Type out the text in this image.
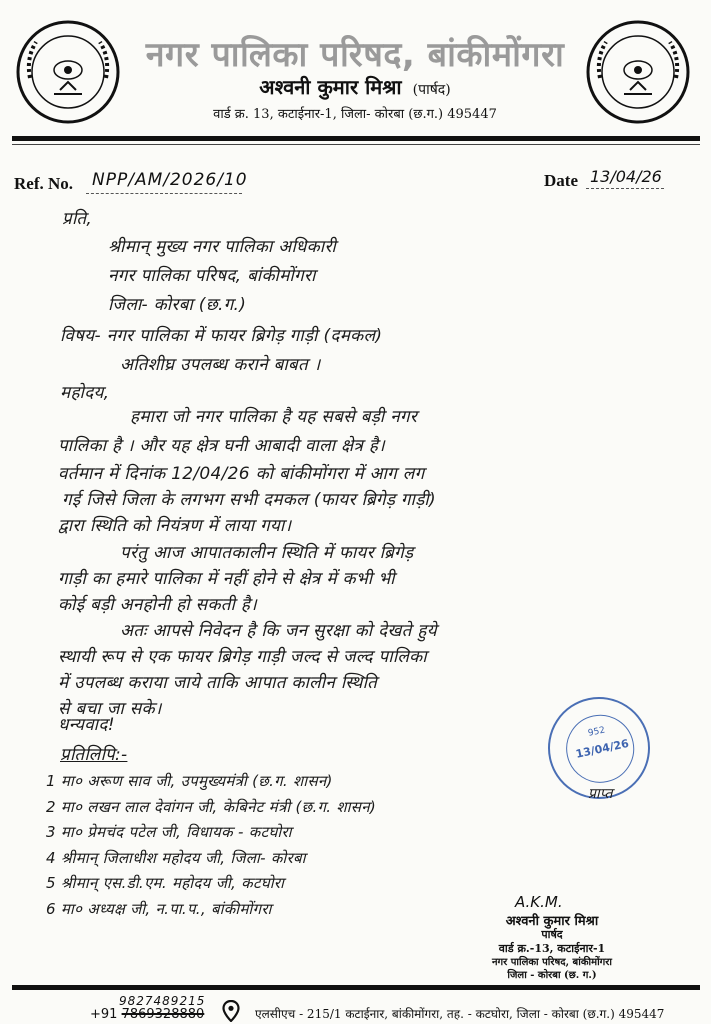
नगर पालिका परिषद, बांकीमोंगरा
अश्वनी कुमार मिश्रा (पार्षद)
वार्ड क्र. 13, कटाईनार-1, जिला- कोरबा (छ.ग.) 495447
Ref. No. NPP/AM/2026/10	Date 13/04/26
प्रति,
श्रीमान् मुख्य नगर पालिका अधिकारी
नगर पालिका परिषद, बांकीमोंगरा
जिला- कोरबा (छ.ग.)
विषय- नगर पालिका में फायर ब्रिगेड़ गाड़ी (दमकल)
अतिशीघ्र उपलब्ध कराने बाबत ।
महोदय,
हमारा जो नगर पालिका है यह सबसे बड़ी नगर
पालिका है । और यह क्षेत्र घनी आबादी वाला क्षेत्र है।
वर्तमान में दिनांक 12/04/26 को बांकीमोंगरा में आग लग
गई जिसे जिला के लगभग सभी दमकल (फायर ब्रिगेड़ गाड़ी)
द्वारा स्थिति को नियंत्रण में लाया गया।
परंतु आज आपातकालीन स्थिति में फायर ब्रिगेड़
गाड़ी का हमारे पालिका में नहीं होने से क्षेत्र में कभी भी
कोई बड़ी अनहोनी हो सकती है।
अतः आपसे निवेदन है कि जन सुरक्षा को देखते हुये
स्थायी रूप से एक फायर ब्रिगेड़ गाड़ी जल्द से जल्द पालिका
में उपलब्ध कराया जाये ताकि आपात कालीन स्थिति
से बचा जा सके।
धन्यवाद!
प्रतिलिपि:-
1 मा० अरूण साव जी, उपमुख्यमंत्री (छ.ग. शासन)
2 मा० लखन लाल देवांगन जी, केबिनेट मंत्री (छ.ग. शासन)
3 मा० प्रेमचंद पटेल जी, विधायक - कटघोरा
4 श्रीमान् जिलाधीश महोदय जी, जिला- कोरबा
5 श्रीमान् एस.डी.एम. महोदय जी, कटघोरा
6 मा० अध्यक्ष जी, न.पा.प., बांकीमोंगरा
952
13/04/26
प्राप्त
A.K.M.
अश्वनी कुमार मिश्रा
पार्षद
वार्ड क्र.-13, कटाईनार-1
नगर पालिका परिषद, बांकीमोंगरा
जिला - कोरबा (छ. ग.)
9827489215
+91 7869328880	एलसीएच - 215/1 कटाईनार, बांकीमोंगरा, तह. - कटघोरा, जिला - कोरबा (छ.ग.) 495447
